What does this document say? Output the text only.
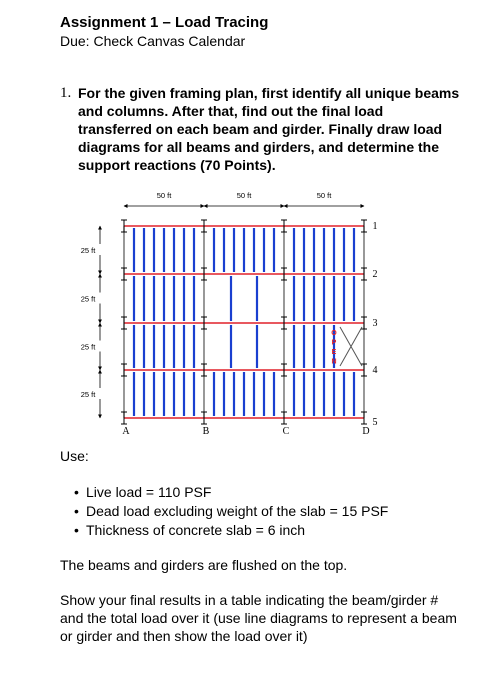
Assignment 1 – Load Tracing
Due: Check Canvas Calendar
1. For the given framing plan, first identify all unique beams and columns. After that, find out the final load transferred on each beam and girder. Finally draw load diagrams for all beams and girders, and determine the support reactions (70 Points).
50 ft	50 ft	50 ft
25 ft
25 ft
25 ft
25 ft
A	B	C	D
1
2
3
4
5
O
P
E
N
Use:
• Live load = 110 PSF
• Dead load excluding weight of the slab = 15 PSF
• Thickness of concrete slab = 6 inch
The beams and girders are flushed on the top.
Show your final results in a table indicating the beam/girder # and the total load over it (use line diagrams to represent a beam or girder and then show the load over it)
